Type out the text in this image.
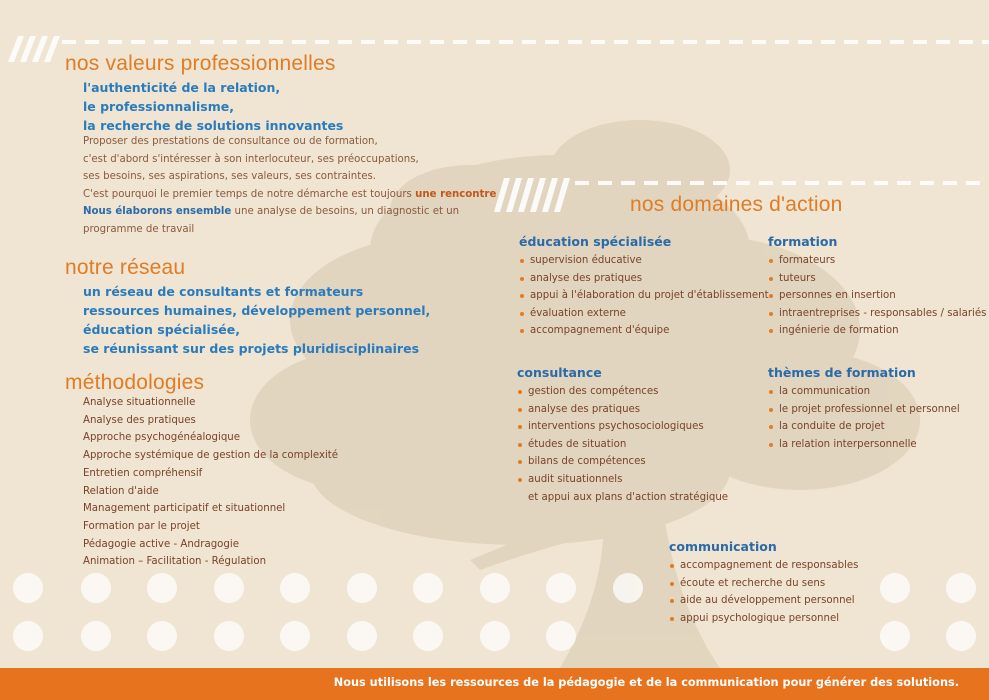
nos valeurs professionnelles
l'authenticité de la relation,
le professionnalisme,
la recherche de solutions innovantes
Proposer des prestations de consultance ou de formation,
c'est d'abord s'intéresser à son interlocuteur, ses préoccupations,
ses besoins, ses aspirations, ses valeurs, ses contraintes.
C'est pourquoi le premier temps de notre démarche est toujours une rencontre
Nous élaborons ensemble une analyse de besoins, un diagnostic et un
programme de travail
notre réseau
un réseau de consultants et formateurs
ressources humaines, développement personnel,
éducation spécialisée,
se réunissant sur des projets pluridisciplinaires
méthodologies
Analyse situationnelle
Analyse des pratiques
Approche psychogénéalogique
Approche systémique de gestion de la complexité
Entretien compréhensif
Relation d'aide
Management participatif et situationnel
Formation par le projet
Pédagogie active - Andragogie
Animation – Facilitation - Régulation
nos domaines d'action
éducation spécialisée
supervision éducative
analyse des pratiques
appui à l'élaboration du projet d'établissement
évaluation externe
accompagnement d'équipe
formation
formateurs
tuteurs
personnes en insertion
intraentreprises - responsables / salariés
ingénierie de formation
consultance
gestion des compétences
analyse des pratiques
interventions psychosociologiques
études de situation
bilans de compétences
audit situationnels
et appui aux plans d'action stratégique
thèmes de formation
la communication
le projet professionnel et personnel
la conduite de projet
la relation interpersonnelle
communication
accompagnement de responsables
écoute et recherche du sens
aide au développement personnel
appui psychologique personnel
Nous utilisons les ressources de la pédagogie et de la communication pour générer des solutions.
